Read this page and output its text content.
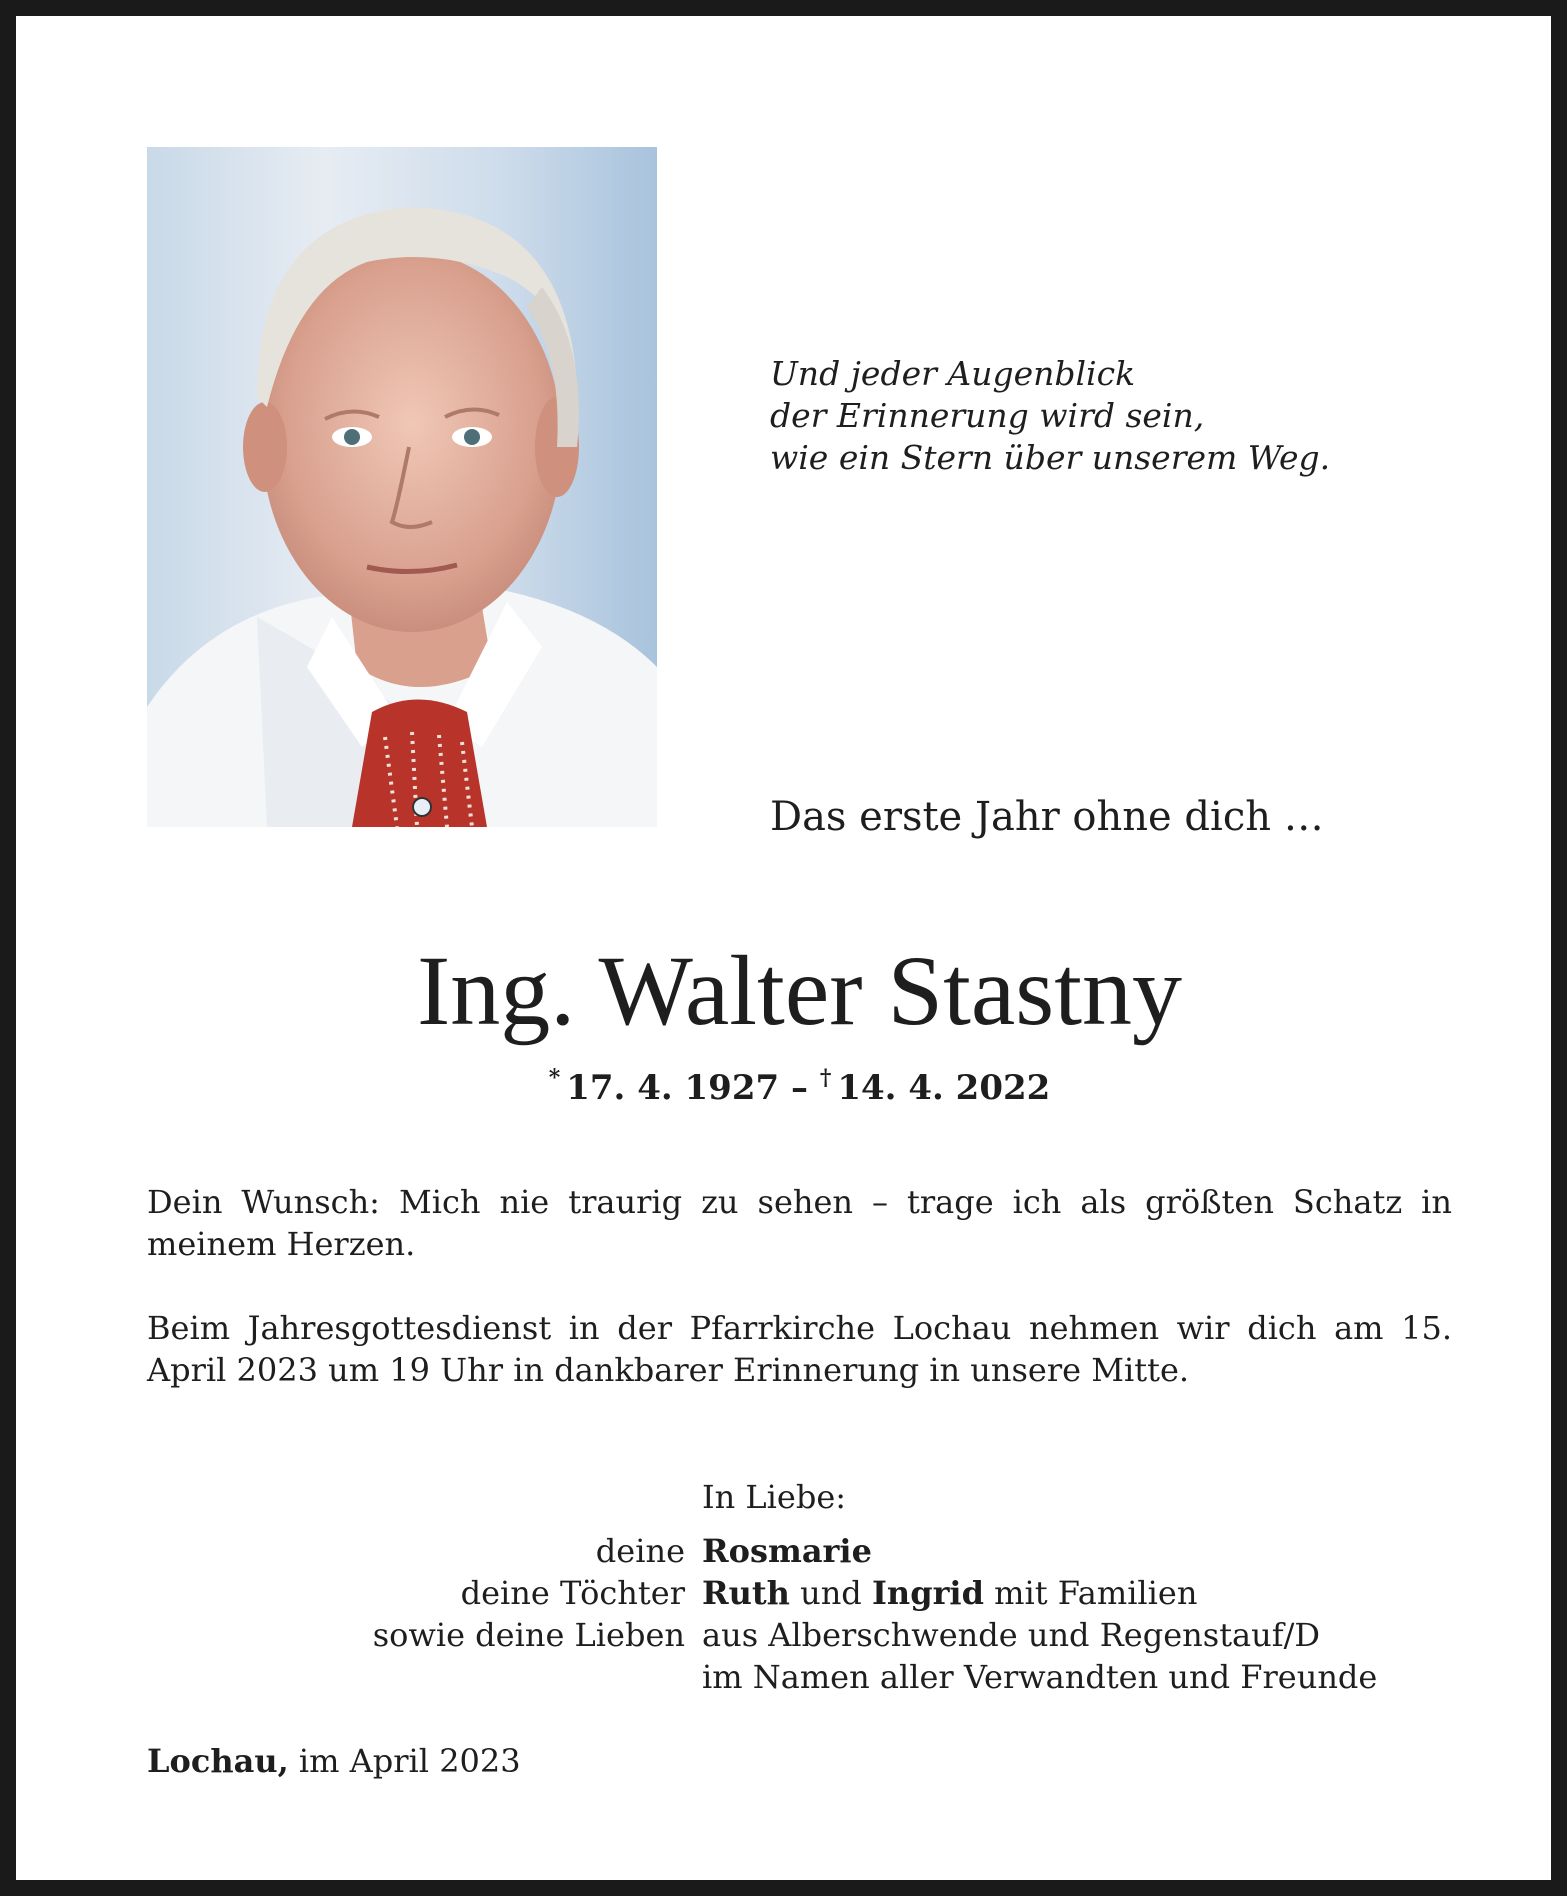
Und jeder Augenblick
der Erinnerung wird sein,
wie ein Stern über unserem Weg.
Das erste Jahr ohne dich …
Ing. Walter Stastny
* 17. 4. 1927 – † 14. 4. 2022
Dein Wunsch: Mich nie traurig zu sehen – trage ich als größten Schatz in meinem Herzen.
Beim Jahresgottesdienst in der Pfarrkirche Lochau nehmen wir dich am 15. April 2023 um 19 Uhr in dankbarer Erinnerung in unsere Mitte.
In Liebe:
deine
deine Töchter
sowie deine Lieben
Rosmarie
Ruth und Ingrid mit Familien
aus Alberschwende und Regenstauf/D
im Namen aller Verwandten und Freunde
Lochau, im April 2023
